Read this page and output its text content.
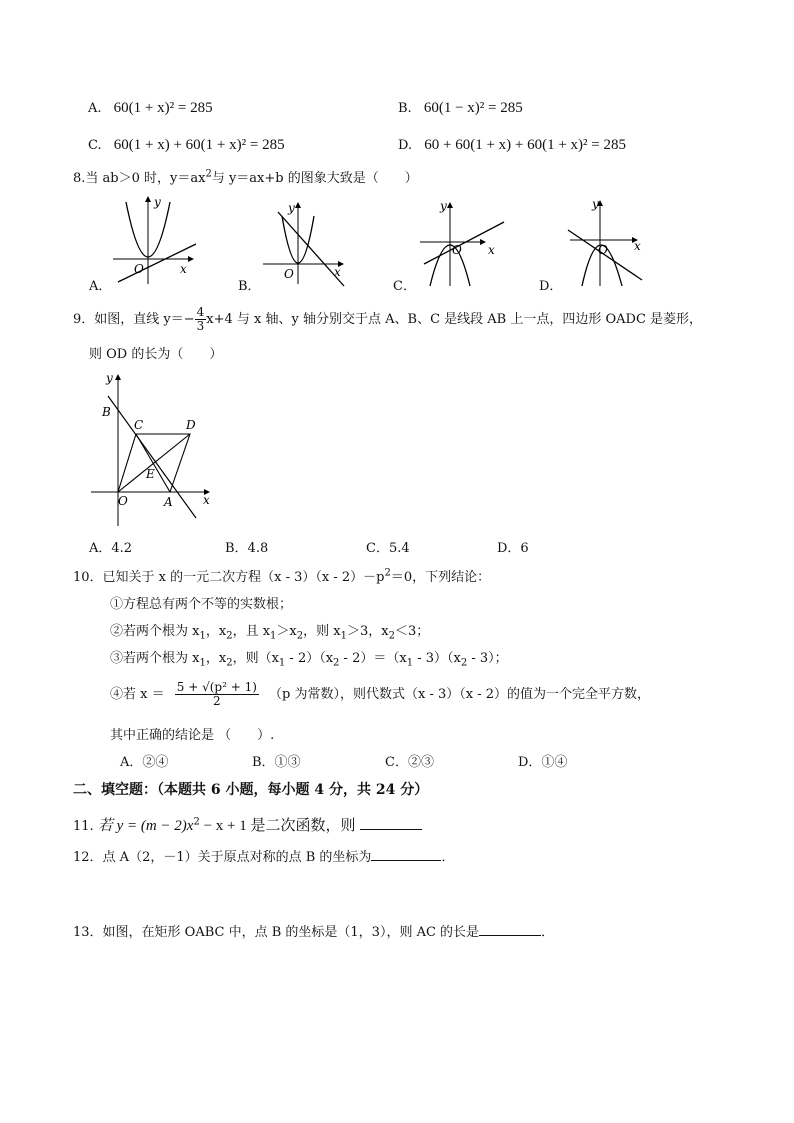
A. 60(1 + x)² = 285	B. 60(1 − x)² = 285
C. 60(1 + x) + 60(1 + x)² = 285	D. 60 + 60(1 + x) + 60(1 + x)² = 285
8.当 ab＞0 时，$y=ax^2$与 y＝ax+b 的图象大致是（　　）
y
x
O
A．
y
x
O
B．
y
x
O
C．
y
x
O
D．
9．如图，直线 $y=- \frac{4}{3} x+4$ 与 x 轴、y 轴分别交于点 A、B、C 是线段 AB 上一点，四边形 OADC 是菱形，
则 OD 的长为（　　）
y
x
B
C	D
E
O	A
A．4.2	B．4.8	C．5.4	D．6
10．已知关于 x 的一元二次方程$(x - 3)(x - 2)-p^2=0$，下列结论：
①方程总有两个不等的实数根；
②若两个根为 $x_1$，$x_2$，且 $x_1>x_2$，则 $x_1>3$，$x_2<3$；
③若两个根为 $x_1$，$x_2$，则$(x_1 - 2)(x_2 - 2)=(x_1 - 3)(x_2 - 3)$；
④若 $x = \frac{\text{5 + √(p² + 1)}}{2} (p$ 为常数），则代数式（x - 3）（x - 2）的值为一个完全平方数，
其中正确的结论是 （　　）.
A．②④	B．①③	C．②③	D．①④
二、填空题：（本题共 6 小题，每小题 4 分，共 24 分）
11. 若 $y = (m - 2)x^2 - x + 1$ 是二次函数，则
12．点 A（2，－1）关于原点对称的点 B 的坐标为	．
13．如图，在矩形 OABC 中，点 B 的坐标是（1，3），则 AC 的长是	．
